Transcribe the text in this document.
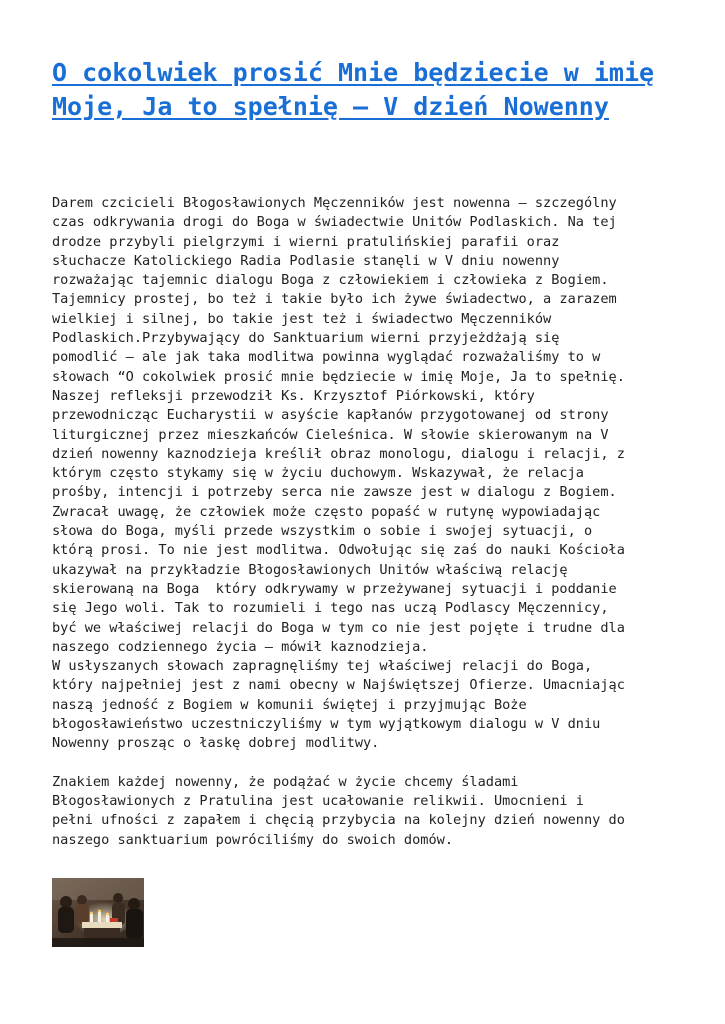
O cokolwiek prosić Mnie będziecie w imię Moje, Ja to spełnię – V dzień Nowenny

Darem czcicieli Błogosławionych Męczenników jest nowenna – szczególny
czas odkrywania drogi do Boga w świadectwie Unitów Podlaskich. Na tej
drodze przybyli pielgrzymi i wierni pratulińskiej parafii oraz
słuchacze Katolickiego Radia Podlasie stanęli w V dniu nowenny
rozważając tajemnic dialogu Boga z człowiekiem i człowieka z Bogiem.
Tajemnicy prostej, bo też i takie było ich żywe świadectwo, a zarazem
wielkiej i silnej, bo takie jest też i świadectwo Męczenników
Podlaskich.Przybywający do Sanktuarium wierni przyjeżdżają się
pomodlić – ale jak taka modlitwa powinna wyglądać rozważaliśmy to w
słowach “O cokolwiek prosić mnie będziecie w imię Moje, Ja to spełnię.
Naszej refleksji przewodził Ks. Krzysztof Piórkowski, który
przewodnicząc Eucharystii w asyście kapłanów przygotowanej od strony
liturgicznej przez mieszkańców Cieleśnica. W słowie skierowanym na V
dzień nowenny kaznodzieja kreślił obraz monologu, dialogu i relacji, z
którym często stykamy się w życiu duchowym. Wskazywał, że relacja
prośby, intencji i potrzeby serca nie zawsze jest w dialogu z Bogiem.
Zwracał uwagę, że człowiek może często popaść w rutynę wypowiadając
słowa do Boga, myśli przede wszystkim o sobie i swojej sytuacji, o
którą prosi. To nie jest modlitwa. Odwołując się zaś do nauki Kościoła
ukazywał na przykładzie Błogosławionych Unitów właściwą relację
skierowaną na Boga  który odkrywamy w przeżywanej sytuacji i poddanie
się Jego woli. Tak to rozumieli i tego nas uczą Podlascy Męczennicy,
być we właściwej relacji do Boga w tym co nie jest pojęte i trudne dla
naszego codziennego życia – mówił kaznodzieja.
W usłyszanych słowach zapragnęliśmy tej właściwej relacji do Boga,
który najpełniej jest z nami obecny w Najświętszej Ofierze. Umacniając
naszą jedność z Bogiem w komunii świętej i przyjmując Boże
błogosławieństwo uczestniczyliśmy w tym wyjątkowym dialogu w V dniu
Nowenny prosząc o łaskę dobrej modlitwy.

Znakiem każdej nowenny, że podążać w życie chcemy śladami
Błogosławionych z Pratulina jest ucałowanie relikwii. Umocnieni i
pełni ufności z zapałem i chęcią przybycia na kolejny dzień nowenny do
naszego sanktuarium powróciliśmy do swoich domów.
